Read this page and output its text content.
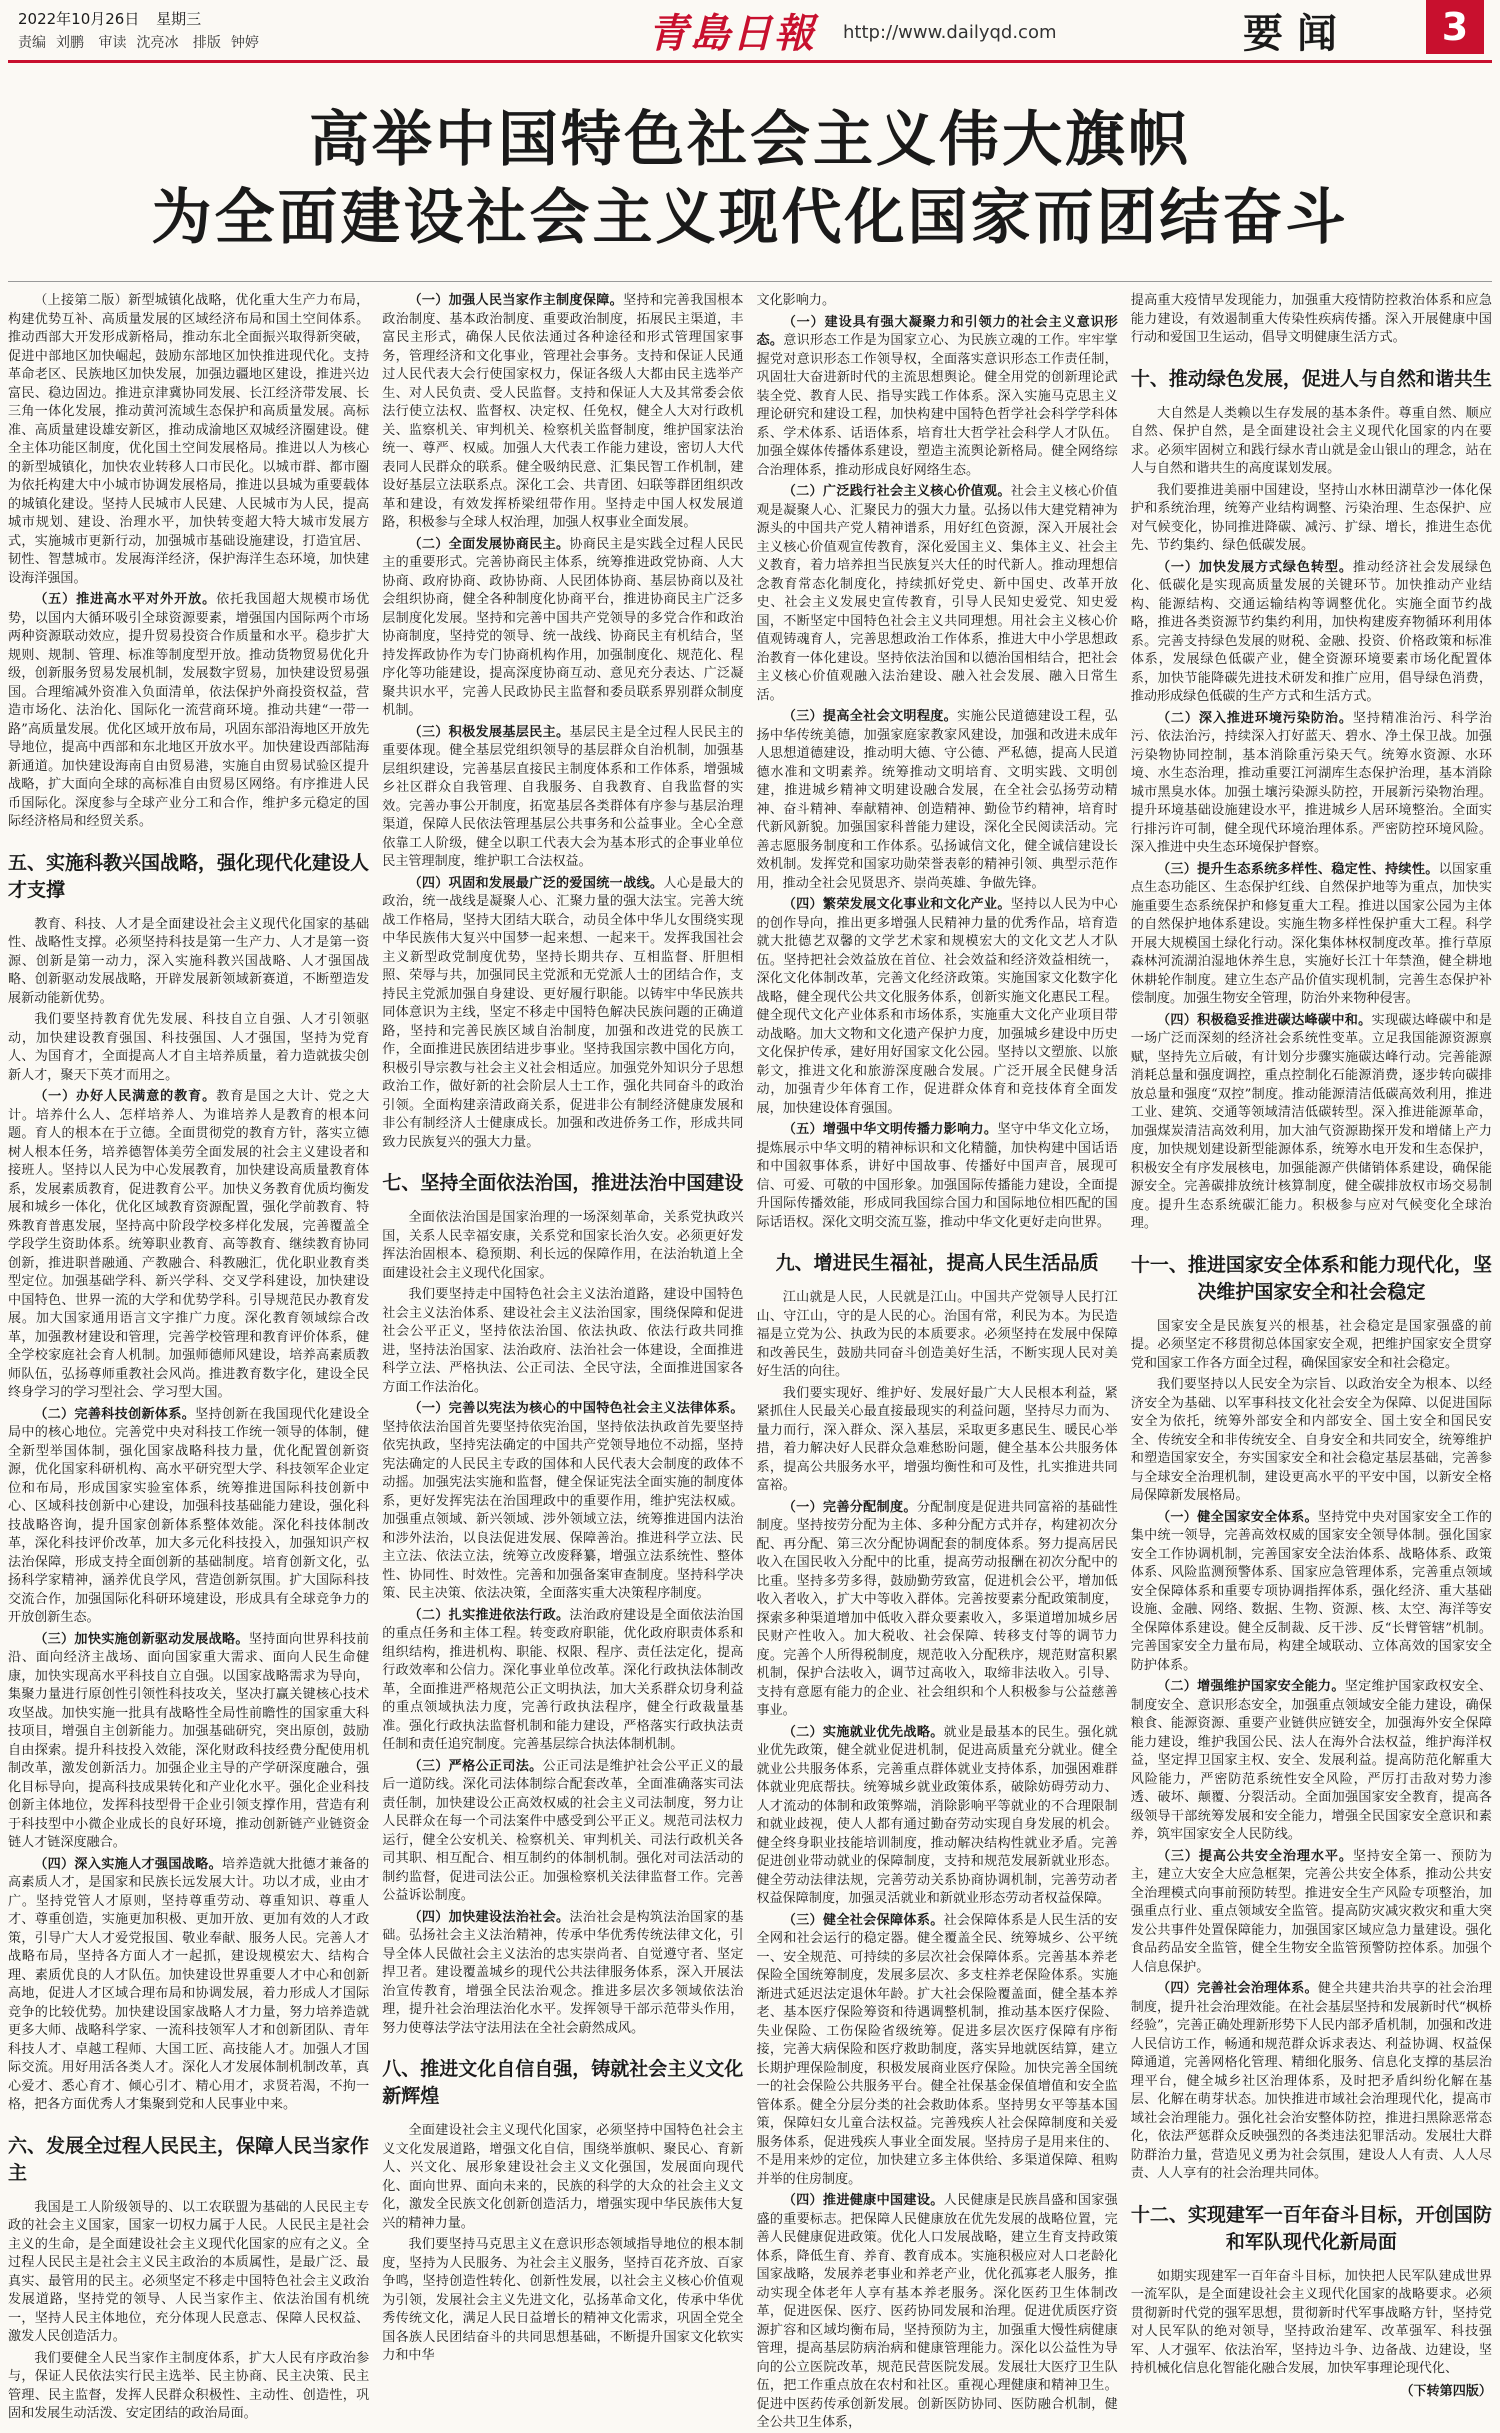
2022年10月26日 星期三
责编 刘鹏 审读 沈亮冰 排版 钟婷	青島日報 http://www.dailyqd.com	要闻	3
高举中国特色社会主义伟大旗帜
为全面建设社会主义现代化国家而团结奋斗

（上接第二版）新型城镇化战略，优化重大生产力布局，构建优势互补、高质量发展的区域经济布局和国土空间体系。推动西部大开发形成新格局，推动东北全面振兴取得新突破，促进中部地区加快崛起，鼓励东部地区加快推进现代化。支持革命老区、民族地区加快发展，加强边疆地区建设，推进兴边富民、稳边固边。推进京津冀协同发展、长江经济带发展、长三角一体化发展，推动黄河流域生态保护和高质量发展。高标准、高质量建设雄安新区，推动成渝地区双城经济圈建设。健全主体功能区制度，优化国土空间发展格局。推进以人为核心的新型城镇化，加快农业转移人口市民化。以城市群、都市圈为依托构建大中小城市协调发展格局，推进以县城为重要载体的城镇化建设。坚持人民城市人民建、人民城市为人民，提高城市规划、建设、治理水平，加快转变超大特大城市发展方式，实施城市更新行动，加强城市基础设施建设，打造宜居、韧性、智慧城市。发展海洋经济，保护海洋生态环境，加快建设海洋强国。

（五）推进高水平对外开放。依托我国超大规模市场优势，以国内大循环吸引全球资源要素，增强国内国际两个市场两种资源联动效应，提升贸易投资合作质量和水平。稳步扩大规则、规制、管理、标准等制度型开放。推动货物贸易优化升级，创新服务贸易发展机制，发展数字贸易，加快建设贸易强国。合理缩减外资准入负面清单，依法保护外商投资权益，营造市场化、法治化、国际化一流营商环境。推动共建“一带一路”高质量发展。优化区域开放布局，巩固东部沿海地区开放先导地位，提高中西部和东北地区开放水平。加快建设西部陆海新通道。加快建设海南自由贸易港，实施自由贸易试验区提升战略，扩大面向全球的高标准自由贸易区网络。有序推进人民币国际化。深度参与全球产业分工和合作，维护多元稳定的国际经济格局和经贸关系。

五、实施科教兴国战略，强化现代化建设人才支撑

教育、科技、人才是全面建设社会主义现代化国家的基础性、战略性支撑。必须坚持科技是第一生产力、人才是第一资源、创新是第一动力，深入实施科教兴国战略、人才强国战略、创新驱动发展战略，开辟发展新领域新赛道，不断塑造发展新动能新优势。

我们要坚持教育优先发展、科技自立自强、人才引领驱动，加快建设教育强国、科技强国、人才强国，坚持为党育人、为国育才，全面提高人才自主培养质量，着力造就拔尖创新人才，聚天下英才而用之。

（一）办好人民满意的教育。教育是国之大计、党之大计。培养什么人、怎样培养人、为谁培养人是教育的根本问题。育人的根本在于立德。全面贯彻党的教育方针，落实立德树人根本任务，培养德智体美劳全面发展的社会主义建设者和接班人。坚持以人民为中心发展教育，加快建设高质量教育体系，发展素质教育，促进教育公平。加快义务教育优质均衡发展和城乡一体化，优化区域教育资源配置，强化学前教育、特殊教育普惠发展，坚持高中阶段学校多样化发展，完善覆盖全学段学生资助体系。统筹职业教育、高等教育、继续教育协同创新，推进职普融通、产教融合、科教融汇，优化职业教育类型定位。加强基础学科、新兴学科、交叉学科建设，加快建设中国特色、世界一流的大学和优势学科。引导规范民办教育发展。加大国家通用语言文字推广力度。深化教育领域综合改革，加强教材建设和管理，完善学校管理和教育评价体系，健全学校家庭社会育人机制。加强师德师风建设，培养高素质教师队伍，弘扬尊师重教社会风尚。推进教育数字化，建设全民终身学习的学习型社会、学习型大国。

（二）完善科技创新体系。坚持创新在我国现代化建设全局中的核心地位。完善党中央对科技工作统一领导的体制，健全新型举国体制，强化国家战略科技力量，优化配置创新资源，优化国家科研机构、高水平研究型大学、科技领军企业定位和布局，形成国家实验室体系，统筹推进国际科技创新中心、区域科技创新中心建设，加强科技基础能力建设，强化科技战略咨询，提升国家创新体系整体效能。深化科技体制改革，深化科技评价改革，加大多元化科技投入，加强知识产权法治保障，形成支持全面创新的基础制度。培育创新文化，弘扬科学家精神，涵养优良学风，营造创新氛围。扩大国际科技交流合作，加强国际化科研环境建设，形成具有全球竞争力的开放创新生态。

（三）加快实施创新驱动发展战略。坚持面向世界科技前沿、面向经济主战场、面向国家重大需求、面向人民生命健康，加快实现高水平科技自立自强。以国家战略需求为导向，集聚力量进行原创性引领性科技攻关，坚决打赢关键核心技术攻坚战。加快实施一批具有战略性全局性前瞻性的国家重大科技项目，增强自主创新能力。加强基础研究，突出原创，鼓励自由探索。提升科技投入效能，深化财政科技经费分配使用机制改革，激发创新活力。加强企业主导的产学研深度融合，强化目标导向，提高科技成果转化和产业化水平。强化企业科技创新主体地位，发挥科技型骨干企业引领支撑作用，营造有利于科技型中小微企业成长的良好环境，推动创新链产业链资金链人才链深度融合。

（四）深入实施人才强国战略。培养造就大批德才兼备的高素质人才，是国家和民族长远发展大计。功以才成，业由才广。坚持党管人才原则，坚持尊重劳动、尊重知识、尊重人才、尊重创造，实施更加积极、更加开放、更加有效的人才政策，引导广大人才爱党报国、敬业奉献、服务人民。完善人才战略布局，坚持各方面人才一起抓，建设规模宏大、结构合理、素质优良的人才队伍。加快建设世界重要人才中心和创新高地，促进人才区域合理布局和协调发展，着力形成人才国际竞争的比较优势。加快建设国家战略人才力量，努力培养造就更多大师、战略科学家、一流科技领军人才和创新团队、青年科技人才、卓越工程师、大国工匠、高技能人才。加强人才国际交流。用好用活各类人才。深化人才发展体制机制改革，真心爱才、悉心育才、倾心引才、精心用才，求贤若渴，不拘一格，把各方面优秀人才集聚到党和人民事业中来。

六、发展全过程人民民主，保障人民当家作主

我国是工人阶级领导的、以工农联盟为基础的人民民主专政的社会主义国家，国家一切权力属于人民。人民民主是社会主义的生命，是全面建设社会主义现代化国家的应有之义。全过程人民民主是社会主义民主政治的本质属性，是最广泛、最真实、最管用的民主。必须坚定不移走中国特色社会主义政治发展道路，坚持党的领导、人民当家作主、依法治国有机统一，坚持人民主体地位，充分体现人民意志、保障人民权益、激发人民创造活力。

我们要健全人民当家作主制度体系，扩大人民有序政治参与，保证人民依法实行民主选举、民主协商、民主决策、民主管理、民主监督，发挥人民群众积极性、主动性、创造性，巩固和发展生动活泼、安定团结的政治局面。

（一）加强人民当家作主制度保障。坚持和完善我国根本政治制度、基本政治制度、重要政治制度，拓展民主渠道，丰富民主形式，确保人民依法通过各种途径和形式管理国家事务，管理经济和文化事业，管理社会事务。支持和保证人民通过人民代表大会行使国家权力，保证各级人大都由民主选举产生、对人民负责、受人民监督。支持和保证人大及其常委会依法行使立法权、监督权、决定权、任免权，健全人大对行政机关、监察机关、审判机关、检察机关监督制度，维护国家法治统一、尊严、权威。加强人大代表工作能力建设，密切人大代表同人民群众的联系。健全吸纳民意、汇集民智工作机制，建设好基层立法联系点。深化工会、共青团、妇联等群团组织改革和建设，有效发挥桥梁纽带作用。坚持走中国人权发展道路，积极参与全球人权治理，加强人权事业全面发展。

（二）全面发展协商民主。协商民主是实践全过程人民民主的重要形式。完善协商民主体系，统筹推进政党协商、人大协商、政府协商、政协协商、人民团体协商、基层协商以及社会组织协商，健全各种制度化协商平台，推进协商民主广泛多层制度化发展。坚持和完善中国共产党领导的多党合作和政治协商制度，坚持党的领导、统一战线、协商民主有机结合，坚持发挥政协作为专门协商机构作用，加强制度化、规范化、程序化等功能建设，提高深度协商互动、意见充分表达、广泛凝聚共识水平，完善人民政协民主监督和委员联系界别群众制度机制。

（三）积极发展基层民主。基层民主是全过程人民民主的重要体现。健全基层党组织领导的基层群众自治机制，加强基层组织建设，完善基层直接民主制度体系和工作体系，增强城乡社区群众自我管理、自我服务、自我教育、自我监督的实效。完善办事公开制度，拓宽基层各类群体有序参与基层治理渠道，保障人民依法管理基层公共事务和公益事业。全心全意依靠工人阶级，健全以职工代表大会为基本形式的企事业单位民主管理制度，维护职工合法权益。

（四）巩固和发展最广泛的爱国统一战线。人心是最大的政治，统一战线是凝聚人心、汇聚力量的强大法宝。完善大统战工作格局，坚持大团结大联合，动员全体中华儿女围绕实现中华民族伟大复兴中国梦一起来想、一起来干。发挥我国社会主义新型政党制度优势，坚持长期共存、互相监督、肝胆相照、荣辱与共，加强同民主党派和无党派人士的团结合作，支持民主党派加强自身建设、更好履行职能。以铸牢中华民族共同体意识为主线，坚定不移走中国特色解决民族问题的正确道路，坚持和完善民族区域自治制度，加强和改进党的民族工作，全面推进民族团结进步事业。坚持我国宗教中国化方向，积极引导宗教与社会主义社会相适应。加强党外知识分子思想政治工作，做好新的社会阶层人士工作，强化共同奋斗的政治引领。全面构建亲清政商关系，促进非公有制经济健康发展和非公有制经济人士健康成长。加强和改进侨务工作，形成共同致力民族复兴的强大力量。

七、坚持全面依法治国，推进法治中国建设

全面依法治国是国家治理的一场深刻革命，关系党执政兴国，关系人民幸福安康，关系党和国家长治久安。必须更好发挥法治固根本、稳预期、利长远的保障作用，在法治轨道上全面建设社会主义现代化国家。

我们要坚持走中国特色社会主义法治道路，建设中国特色社会主义法治体系、建设社会主义法治国家，围绕保障和促进社会公平正义，坚持依法治国、依法执政、依法行政共同推进，坚持法治国家、法治政府、法治社会一体建设，全面推进科学立法、严格执法、公正司法、全民守法，全面推进国家各方面工作法治化。

（一）完善以宪法为核心的中国特色社会主义法律体系。坚持依法治国首先要坚持依宪治国，坚持依法执政首先要坚持依宪执政，坚持宪法确定的中国共产党领导地位不动摇，坚持宪法确定的人民民主专政的国体和人民代表大会制度的政体不动摇。加强宪法实施和监督，健全保证宪法全面实施的制度体系，更好发挥宪法在治国理政中的重要作用，维护宪法权威。加强重点领域、新兴领域、涉外领域立法，统筹推进国内法治和涉外法治，以良法促进发展、保障善治。推进科学立法、民主立法、依法立法，统筹立改废释纂，增强立法系统性、整体性、协同性、时效性。完善和加强备案审查制度。坚持科学决策、民主决策、依法决策，全面落实重大决策程序制度。

（二）扎实推进依法行政。法治政府建设是全面依法治国的重点任务和主体工程。转变政府职能，优化政府职责体系和组织结构，推进机构、职能、权限、程序、责任法定化，提高行政效率和公信力。深化事业单位改革。深化行政执法体制改革，全面推进严格规范公正文明执法，加大关系群众切身利益的重点领域执法力度，完善行政执法程序，健全行政裁量基准。强化行政执法监督机制和能力建设，严格落实行政执法责任制和责任追究制度。完善基层综合执法体制机制。

（三）严格公正司法。公正司法是维护社会公平正义的最后一道防线。深化司法体制综合配套改革，全面准确落实司法责任制，加快建设公正高效权威的社会主义司法制度，努力让人民群众在每一个司法案件中感受到公平正义。规范司法权力运行，健全公安机关、检察机关、审判机关、司法行政机关各司其职、相互配合、相互制约的体制机制。强化对司法活动的制约监督，促进司法公正。加强检察机关法律监督工作。完善公益诉讼制度。

（四）加快建设法治社会。法治社会是构筑法治国家的基础。弘扬社会主义法治精神，传承中华优秀传统法律文化，引导全体人民做社会主义法治的忠实崇尚者、自觉遵守者、坚定捍卫者。建设覆盖城乡的现代公共法律服务体系，深入开展法治宣传教育，增强全民法治观念。推进多层次多领域依法治理，提升社会治理法治化水平。发挥领导干部示范带头作用，努力使尊法学法守法用法在全社会蔚然成风。

八、推进文化自信自强，铸就社会主义文化新辉煌

全面建设社会主义现代化国家，必须坚持中国特色社会主义文化发展道路，增强文化自信，围绕举旗帜、聚民心、育新人、兴文化、展形象建设社会主义文化强国，发展面向现代化、面向世界、面向未来的，民族的科学的大众的社会主义文化，激发全民族文化创新创造活力，增强实现中华民族伟大复兴的精神力量。

我们要坚持马克思主义在意识形态领域指导地位的根本制度，坚持为人民服务、为社会主义服务，坚持百花齐放、百家争鸣，坚持创造性转化、创新性发展，以社会主义核心价值观为引领，发展社会主义先进文化，弘扬革命文化，传承中华优秀传统文化，满足人民日益增长的精神文化需求，巩固全党全国各族人民团结奋斗的共同思想基础，不断提升国家文化软实力和中华

文化影响力。

（一）建设具有强大凝聚力和引领力的社会主义意识形态。意识形态工作是为国家立心、为民族立魂的工作。牢牢掌握党对意识形态工作领导权，全面落实意识形态工作责任制，巩固壮大奋进新时代的主流思想舆论。健全用党的创新理论武装全党、教育人民、指导实践工作体系。深入实施马克思主义理论研究和建设工程，加快构建中国特色哲学社会科学学科体系、学术体系、话语体系，培育壮大哲学社会科学人才队伍。加强全媒体传播体系建设，塑造主流舆论新格局。健全网络综合治理体系，推动形成良好网络生态。

（二）广泛践行社会主义核心价值观。社会主义核心价值观是凝聚人心、汇聚民力的强大力量。弘扬以伟大建党精神为源头的中国共产党人精神谱系，用好红色资源，深入开展社会主义核心价值观宣传教育，深化爱国主义、集体主义、社会主义教育，着力培养担当民族复兴大任的时代新人。推动理想信念教育常态化制度化，持续抓好党史、新中国史、改革开放史、社会主义发展史宣传教育，引导人民知史爱党、知史爱国，不断坚定中国特色社会主义共同理想。用社会主义核心价值观铸魂育人，完善思想政治工作体系，推进大中小学思想政治教育一体化建设。坚持依法治国和以德治国相结合，把社会主义核心价值观融入法治建设、融入社会发展、融入日常生活。

（三）提高全社会文明程度。实施公民道德建设工程，弘扬中华传统美德，加强家庭家教家风建设，加强和改进未成年人思想道德建设，推动明大德、守公德、严私德，提高人民道德水准和文明素养。统筹推动文明培育、文明实践、文明创建，推进城乡精神文明建设融合发展，在全社会弘扬劳动精神、奋斗精神、奉献精神、创造精神、勤俭节约精神，培育时代新风新貌。加强国家科普能力建设，深化全民阅读活动。完善志愿服务制度和工作体系。弘扬诚信文化，健全诚信建设长效机制。发挥党和国家功勋荣誉表彰的精神引领、典型示范作用，推动全社会见贤思齐、崇尚英雄、争做先锋。

（四）繁荣发展文化事业和文化产业。坚持以人民为中心的创作导向，推出更多增强人民精神力量的优秀作品，培育造就大批德艺双馨的文学艺术家和规模宏大的文化文艺人才队伍。坚持把社会效益放在首位、社会效益和经济效益相统一，深化文化体制改革，完善文化经济政策。实施国家文化数字化战略，健全现代公共文化服务体系，创新实施文化惠民工程。健全现代文化产业体系和市场体系，实施重大文化产业项目带动战略。加大文物和文化遗产保护力度，加强城乡建设中历史文化保护传承，建好用好国家文化公园。坚持以文塑旅、以旅彰文，推进文化和旅游深度融合发展。广泛开展全民健身活动，加强青少年体育工作，促进群众体育和竞技体育全面发展，加快建设体育强国。

（五）增强中华文明传播力影响力。坚守中华文化立场，提炼展示中华文明的精神标识和文化精髓，加快构建中国话语和中国叙事体系，讲好中国故事、传播好中国声音，展现可信、可爱、可敬的中国形象。加强国际传播能力建设，全面提升国际传播效能，形成同我国综合国力和国际地位相匹配的国际话语权。深化文明交流互鉴，推动中华文化更好走向世界。

九、增进民生福祉，提高人民生活品质

江山就是人民，人民就是江山。中国共产党领导人民打江山、守江山，守的是人民的心。治国有常，利民为本。为民造福是立党为公、执政为民的本质要求。必须坚持在发展中保障和改善民生，鼓励共同奋斗创造美好生活，不断实现人民对美好生活的向往。

我们要实现好、维护好、发展好最广大人民根本利益，紧紧抓住人民最关心最直接最现实的利益问题，坚持尽力而为、量力而行，深入群众、深入基层，采取更多惠民生、暖民心举措，着力解决好人民群众急难愁盼问题，健全基本公共服务体系，提高公共服务水平，增强均衡性和可及性，扎实推进共同富裕。

（一）完善分配制度。分配制度是促进共同富裕的基础性制度。坚持按劳分配为主体、多种分配方式并存，构建初次分配、再分配、第三次分配协调配套的制度体系。努力提高居民收入在国民收入分配中的比重，提高劳动报酬在初次分配中的比重。坚持多劳多得，鼓励勤劳致富，促进机会公平，增加低收入者收入，扩大中等收入群体。完善按要素分配政策制度，探索多种渠道增加中低收入群众要素收入，多渠道增加城乡居民财产性收入。加大税收、社会保障、转移支付等的调节力度。完善个人所得税制度，规范收入分配秩序，规范财富积累机制，保护合法收入，调节过高收入，取缔非法收入。引导、支持有意愿有能力的企业、社会组织和个人积极参与公益慈善事业。

（二）实施就业优先战略。就业是最基本的民生。强化就业优先政策，健全就业促进机制，促进高质量充分就业。健全就业公共服务体系，完善重点群体就业支持体系，加强困难群体就业兜底帮扶。统筹城乡就业政策体系，破除妨碍劳动力、人才流动的体制和政策弊端，消除影响平等就业的不合理限制和就业歧视，使人人都有通过勤奋劳动实现自身发展的机会。健全终身职业技能培训制度，推动解决结构性就业矛盾。完善促进创业带动就业的保障制度，支持和规范发展新就业形态。健全劳动法律法规，完善劳动关系协商协调机制，完善劳动者权益保障制度，加强灵活就业和新就业形态劳动者权益保障。

（三）健全社会保障体系。社会保障体系是人民生活的安全网和社会运行的稳定器。健全覆盖全民、统筹城乡、公平统一、安全规范、可持续的多层次社会保障体系。完善基本养老保险全国统筹制度，发展多层次、多支柱养老保险体系。实施渐进式延迟法定退休年龄。扩大社会保险覆盖面，健全基本养老、基本医疗保险筹资和待遇调整机制，推动基本医疗保险、失业保险、工伤保险省级统筹。促进多层次医疗保障有序衔接，完善大病保险和医疗救助制度，落实异地就医结算，建立长期护理保险制度，积极发展商业医疗保险。加快完善全国统一的社会保险公共服务平台。健全社保基金保值增值和安全监管体系。健全分层分类的社会救助体系。坚持男女平等基本国策，保障妇女儿童合法权益。完善残疾人社会保障制度和关爱服务体系，促进残疾人事业全面发展。坚持房子是用来住的、不是用来炒的定位，加快建立多主体供给、多渠道保障、租购并举的住房制度。

（四）推进健康中国建设。人民健康是民族昌盛和国家强盛的重要标志。把保障人民健康放在优先发展的战略位置，完善人民健康促进政策。优化人口发展战略，建立生育支持政策体系，降低生育、养育、教育成本。实施积极应对人口老龄化国家战略，发展养老事业和养老产业，优化孤寡老人服务，推动实现全体老年人享有基本养老服务。深化医药卫生体制改革，促进医保、医疗、医药协同发展和治理。促进优质医疗资源扩容和区域均衡布局，坚持预防为主，加强重大慢性病健康管理，提高基层防病治病和健康管理能力。深化以公益性为导向的公立医院改革，规范民营医院发展。发展壮大医疗卫生队伍，把工作重点放在农村和社区。重视心理健康和精神卫生。促进中医药传承创新发展。创新医防协同、医防融合机制，健全公共卫生体系，

提高重大疫情早发现能力，加强重大疫情防控救治体系和应急能力建设，有效遏制重大传染性疾病传播。深入开展健康中国行动和爱国卫生运动，倡导文明健康生活方式。

十、推动绿色发展，促进人与自然和谐共生

大自然是人类赖以生存发展的基本条件。尊重自然、顺应自然、保护自然，是全面建设社会主义现代化国家的内在要求。必须牢固树立和践行绿水青山就是金山银山的理念，站在人与自然和谐共生的高度谋划发展。

我们要推进美丽中国建设，坚持山水林田湖草沙一体化保护和系统治理，统筹产业结构调整、污染治理、生态保护、应对气候变化，协同推进降碳、减污、扩绿、增长，推进生态优先、节约集约、绿色低碳发展。

（一）加快发展方式绿色转型。推动经济社会发展绿色化、低碳化是实现高质量发展的关键环节。加快推动产业结构、能源结构、交通运输结构等调整优化。实施全面节约战略，推进各类资源节约集约利用，加快构建废弃物循环利用体系。完善支持绿色发展的财税、金融、投资、价格政策和标准体系，发展绿色低碳产业，健全资源环境要素市场化配置体系，加快节能降碳先进技术研发和推广应用，倡导绿色消费，推动形成绿色低碳的生产方式和生活方式。

（二）深入推进环境污染防治。坚持精准治污、科学治污、依法治污，持续深入打好蓝天、碧水、净土保卫战。加强污染物协同控制，基本消除重污染天气。统筹水资源、水环境、水生态治理，推动重要江河湖库生态保护治理，基本消除城市黑臭水体。加强土壤污染源头防控，开展新污染物治理。提升环境基础设施建设水平，推进城乡人居环境整治。全面实行排污许可制，健全现代环境治理体系。严密防控环境风险。深入推进中央生态环境保护督察。

（三）提升生态系统多样性、稳定性、持续性。以国家重点生态功能区、生态保护红线、自然保护地等为重点，加快实施重要生态系统保护和修复重大工程。推进以国家公园为主体的自然保护地体系建设。实施生物多样性保护重大工程。科学开展大规模国土绿化行动。深化集体林权制度改革。推行草原森林河流湖泊湿地休养生息，实施好长江十年禁渔，健全耕地休耕轮作制度。建立生态产品价值实现机制，完善生态保护补偿制度。加强生物安全管理，防治外来物种侵害。

（四）积极稳妥推进碳达峰碳中和。实现碳达峰碳中和是一场广泛而深刻的经济社会系统性变革。立足我国能源资源禀赋，坚持先立后破，有计划分步骤实施碳达峰行动。完善能源消耗总量和强度调控，重点控制化石能源消费，逐步转向碳排放总量和强度“双控”制度。推动能源清洁低碳高效利用，推进工业、建筑、交通等领域清洁低碳转型。深入推进能源革命，加强煤炭清洁高效利用，加大油气资源勘探开发和增储上产力度，加快规划建设新型能源体系，统筹水电开发和生态保护，积极安全有序发展核电，加强能源产供储销体系建设，确保能源安全。完善碳排放统计核算制度，健全碳排放权市场交易制度。提升生态系统碳汇能力。积极参与应对气候变化全球治理。

十一、推进国家安全体系和能力现代化，坚决维护国家安全和社会稳定

国家安全是民族复兴的根基，社会稳定是国家强盛的前提。必须坚定不移贯彻总体国家安全观，把维护国家安全贯穿党和国家工作各方面全过程，确保国家安全和社会稳定。

我们要坚持以人民安全为宗旨、以政治安全为根本、以经济安全为基础、以军事科技文化社会安全为保障、以促进国际安全为依托，统筹外部安全和内部安全、国土安全和国民安全、传统安全和非传统安全、自身安全和共同安全，统筹维护和塑造国家安全，夯实国家安全和社会稳定基层基础，完善参与全球安全治理机制，建设更高水平的平安中国，以新安全格局保障新发展格局。

（一）健全国家安全体系。坚持党中央对国家安全工作的集中统一领导，完善高效权威的国家安全领导体制。强化国家安全工作协调机制，完善国家安全法治体系、战略体系、政策体系、风险监测预警体系、国家应急管理体系，完善重点领域安全保障体系和重要专项协调指挥体系，强化经济、重大基础设施、金融、网络、数据、生物、资源、核、太空、海洋等安全保障体系建设。健全反制裁、反干涉、反“长臂管辖”机制。完善国家安全力量布局，构建全域联动、立体高效的国家安全防护体系。

（二）增强维护国家安全能力。坚定维护国家政权安全、制度安全、意识形态安全，加强重点领域安全能力建设，确保粮食、能源资源、重要产业链供应链安全，加强海外安全保障能力建设，维护我国公民、法人在海外合法权益，维护海洋权益，坚定捍卫国家主权、安全、发展利益。提高防范化解重大风险能力，严密防范系统性安全风险，严厉打击敌对势力渗透、破坏、颠覆、分裂活动。全面加强国家安全教育，提高各级领导干部统筹发展和安全能力，增强全民国家安全意识和素养，筑牢国家安全人民防线。

（三）提高公共安全治理水平。坚持安全第一、预防为主，建立大安全大应急框架，完善公共安全体系，推动公共安全治理模式向事前预防转型。推进安全生产风险专项整治，加强重点行业、重点领域安全监管。提高防灾减灾救灾和重大突发公共事件处置保障能力，加强国家区域应急力量建设。强化食品药品安全监管，健全生物安全监管预警防控体系。加强个人信息保护。

（四）完善社会治理体系。健全共建共治共享的社会治理制度，提升社会治理效能。在社会基层坚持和发展新时代“枫桥经验”，完善正确处理新形势下人民内部矛盾机制，加强和改进人民信访工作，畅通和规范群众诉求表达、利益协调、权益保障通道，完善网格化管理、精细化服务、信息化支撑的基层治理平台，健全城乡社区治理体系，及时把矛盾纠纷化解在基层、化解在萌芽状态。加快推进市域社会治理现代化，提高市域社会治理能力。强化社会治安整体防控，推进扫黑除恶常态化，依法严惩群众反映强烈的各类违法犯罪活动。发展壮大群防群治力量，营造见义勇为社会氛围，建设人人有责、人人尽责、人人享有的社会治理共同体。

十二、实现建军一百年奋斗目标，开创国防和军队现代化新局面

如期实现建军一百年奋斗目标，加快把人民军队建成世界一流军队，是全面建设社会主义现代化国家的战略要求。必须贯彻新时代党的强军思想，贯彻新时代军事战略方针，坚持党对人民军队的绝对领导，坚持政治建军、改革强军、科技强军、人才强军、依法治军，坚持边斗争、边备战、边建设，坚持机械化信息化智能化融合发展，加快军事理论现代化、

（下转第四版）
